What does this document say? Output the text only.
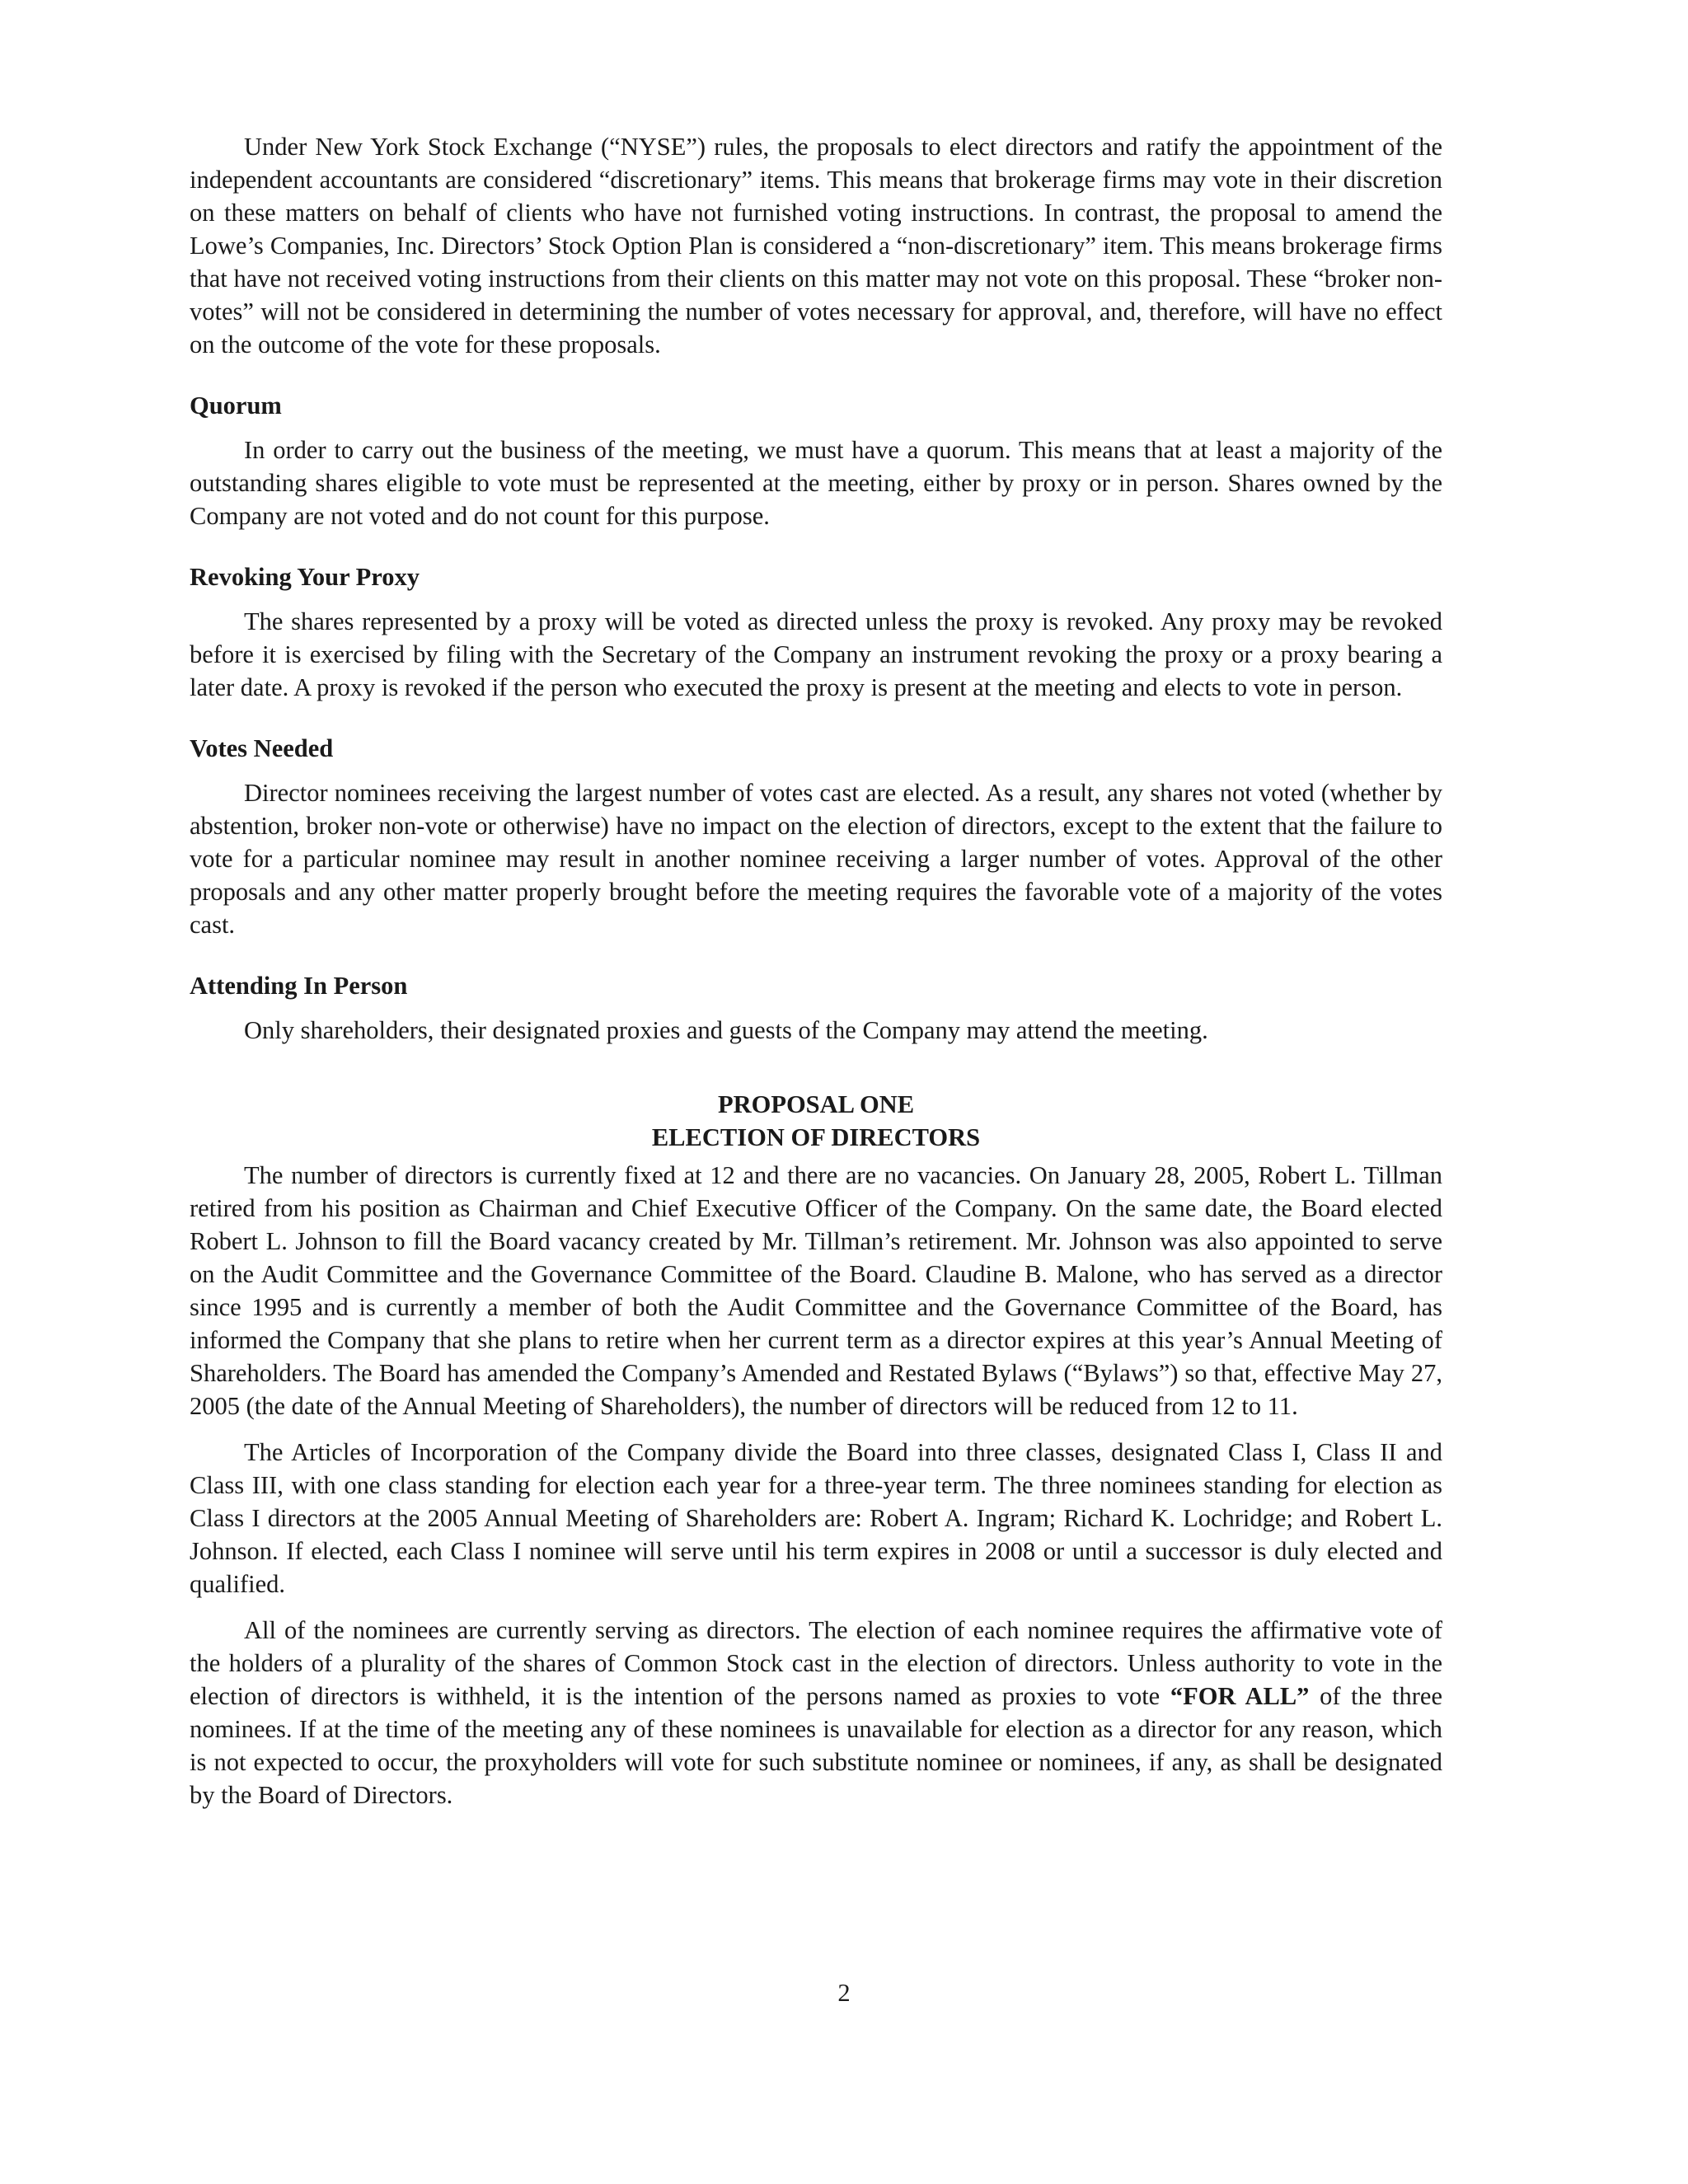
Under New York Stock Exchange (“NYSE”) rules, the proposals to elect directors and ratify the appointment of the independent accountants are considered “discretionary” items. This means that brokerage firms may vote in their discretion on these matters on behalf of clients who have not furnished voting instructions. In contrast, the proposal to amend the Lowe’s Companies, Inc. Directors’ Stock Option Plan is considered a “non-discretionary” item. This means brokerage firms that have not received voting instructions from their clients on this matter may not vote on this proposal. These “broker non-votes” will not be considered in determining the number of votes necessary for approval, and, therefore, will have no effect on the outcome of the vote for these proposals.

Quorum

In order to carry out the business of the meeting, we must have a quorum. This means that at least a majority of the outstanding shares eligible to vote must be represented at the meeting, either by proxy or in person. Shares owned by the Company are not voted and do not count for this purpose.

Revoking Your Proxy

The shares represented by a proxy will be voted as directed unless the proxy is revoked. Any proxy may be revoked before it is exercised by filing with the Secretary of the Company an instrument revoking the proxy or a proxy bearing a later date. A proxy is revoked if the person who executed the proxy is present at the meeting and elects to vote in person.

Votes Needed

Director nominees receiving the largest number of votes cast are elected. As a result, any shares not voted (whether by abstention, broker non-vote or otherwise) have no impact on the election of directors, except to the extent that the failure to vote for a particular nominee may result in another nominee receiving a larger number of votes. Approval of the other proposals and any other matter properly brought before the meeting requires the favorable vote of a majority of the votes cast.

Attending In Person

Only shareholders, their designated proxies and guests of the Company may attend the meeting.

PROPOSAL ONE
ELECTION OF DIRECTORS

The number of directors is currently fixed at 12 and there are no vacancies. On January 28, 2005, Robert L. Tillman retired from his position as Chairman and Chief Executive Officer of the Company. On the same date, the Board elected Robert L. Johnson to fill the Board vacancy created by Mr. Tillman’s retirement. Mr. Johnson was also appointed to serve on the Audit Committee and the Governance Committee of the Board. Claudine B. Malone, who has served as a director since 1995 and is currently a member of both the Audit Committee and the Governance Committee of the Board, has informed the Company that she plans to retire when her current term as a director expires at this year’s Annual Meeting of Shareholders. The Board has amended the Company’s Amended and Restated Bylaws (“Bylaws”) so that, effective May 27, 2005 (the date of the Annual Meeting of Shareholders), the number of directors will be reduced from 12 to 11.

The Articles of Incorporation of the Company divide the Board into three classes, designated Class I, Class II and Class III, with one class standing for election each year for a three-year term. The three nominees standing for election as Class I directors at the 2005 Annual Meeting of Shareholders are: Robert A. Ingram; Richard K. Lochridge; and Robert L. Johnson. If elected, each Class I nominee will serve until his term expires in 2008 or until a successor is duly elected and qualified.

All of the nominees are currently serving as directors. The election of each nominee requires the affirmative vote of the holders of a plurality of the shares of Common Stock cast in the election of directors. Unless authority to vote in the election of directors is withheld, it is the intention of the persons named as proxies to vote “FOR ALL” of the three nominees. If at the time of the meeting any of these nominees is unavailable for election as a director for any reason, which is not expected to occur, the proxyholders will vote for such substitute nominee or nominees, if any, as shall be designated by the Board of Directors.

2
